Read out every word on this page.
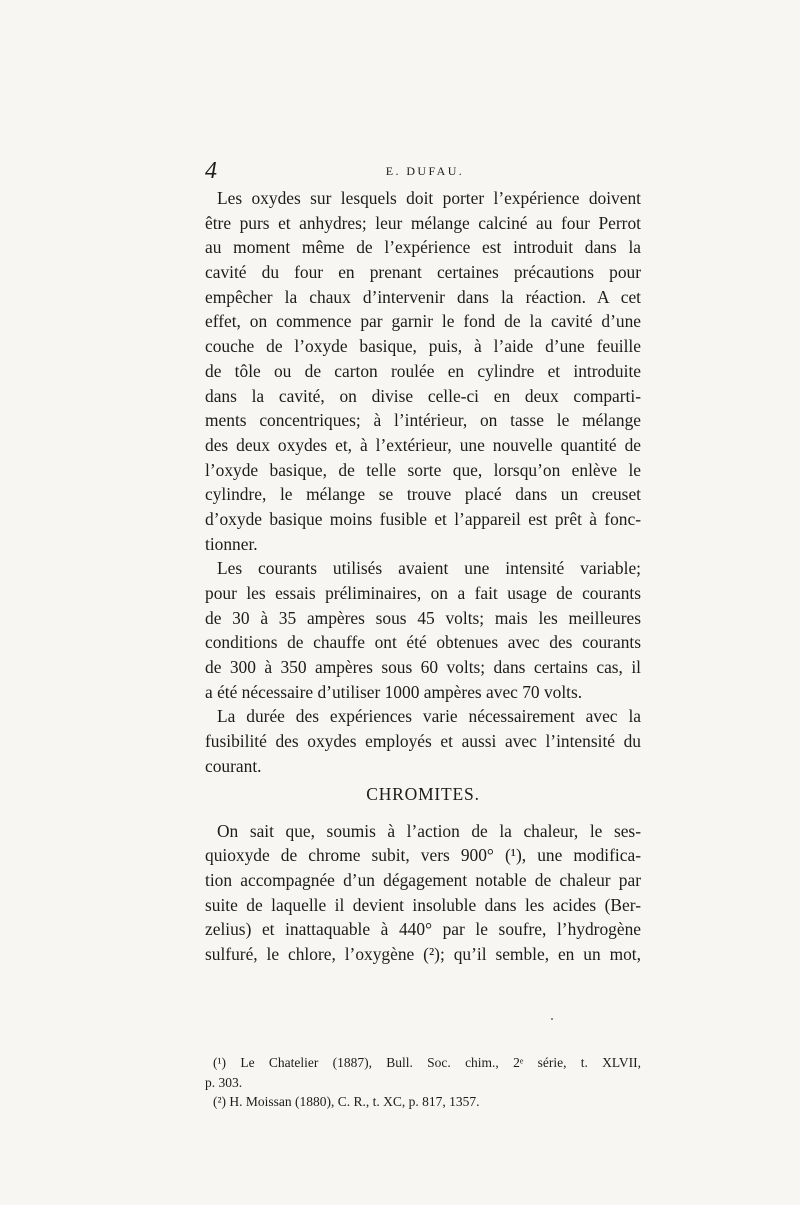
4	E. DUFAU.
Les oxydes sur lesquels doit porter l’expérience doivent
être purs et anhydres; leur mélange calciné au four Perrot
au moment même de l’expérience est introduit dans la
cavité du four en prenant certaines précautions pour
empêcher la chaux d’intervenir dans la réaction. A cet
effet, on commence par garnir le fond de la cavité d’une
couche de l’oxyde basique, puis, à l’aide d’une feuille
de tôle ou de carton roulée en cylindre et introduite
dans la cavité, on divise celle-ci en deux comparti-
ments concentriques; à l’intérieur, on tasse le mélange
des deux oxydes et, à l’extérieur, une nouvelle quantité de
l’oxyde basique, de telle sorte que, lorsqu’on enlève le
cylindre, le mélange se trouve placé dans un creuset
d’oxyde basique moins fusible et l’appareil est prêt à fonc-
tionner.
Les courants utilisés avaient une intensité variable;
pour les essais préliminaires, on a fait usage de courants
de 30 à 35 ampères sous 45 volts; mais les meilleures
conditions de chauffe ont été obtenues avec des courants
de 300 à 350 ampères sous 60 volts; dans certains cas, il
a été nécessaire d’utiliser 1000 ampères avec 70 volts.
La durée des expériences varie nécessairement avec la
fusibilité des oxydes employés et aussi avec l’intensité du
courant.
CHROMITES.
On sait que, soumis à l’action de la chaleur, le ses-
quioxyde de chrome subit, vers 900° (¹), une modifica-
tion accompagnée d’un dégagement notable de chaleur par
suite de laquelle il devient insoluble dans les acides (Ber-
zelius) et inattaquable à 440° par le soufre, l’hydrogène
sulfuré, le chlore, l’oxygène (²); qu’il semble, en un mot,
(¹) Le Chatelier (1887), Bull. Soc. chim., 2ᵉ série, t. XLVII,
p. 303.
(²) H. Moissan (1880), C. R., t. XC, p. 817, 1357.
